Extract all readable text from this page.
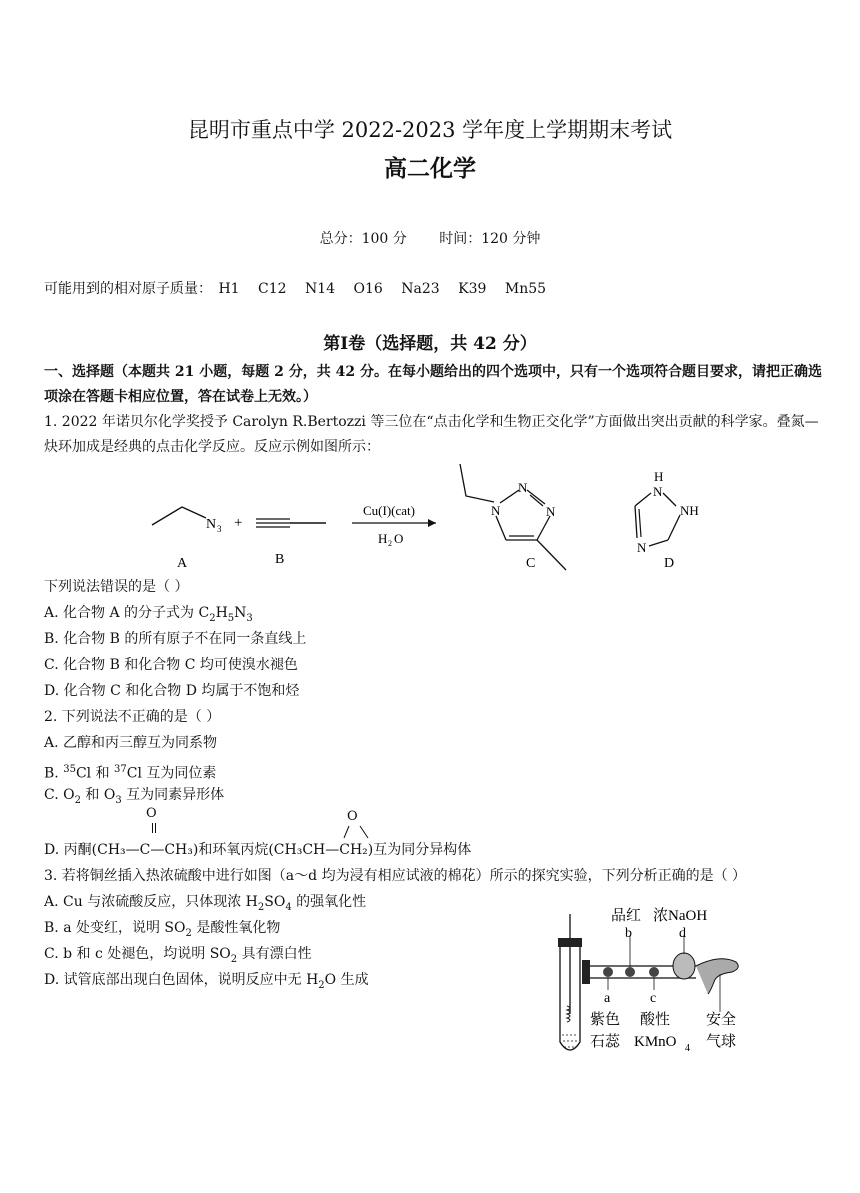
昆明市重点中学 2022-2023 学年度上学期期末考试
高二化学
总分：100 分 时间：120 分钟
可能用到的相对原子质量： H1 C12 N14 O16 Na23 K39 Mn55
第Ⅰ卷（选择题，共 42 分）
一、选择题（本题共 21 小题，每题 2 分，共 42 分。在每小题给出的四个选项中，只有一个选项符合题目要求，请把正确选项涂在答题卡相应位置，答在试卷上无效。）
1. 2022 年诺贝尔化学奖授予 Carolyn R.Bertozzi 等三位在“点击化学和生物正交化学”方面做出突出贡献的科学家。叠氮—炔环加成是经典的点击化学反应。反应示例如图所示：
N 3 +
A	B
Cu(I)(cat)
H 2 O
N
N
N
C
H
N
NH
N
D
下列说法错误的是（ ）
A. 化合物 A 的分子式为 $C_2H_5N_3$
B. 化合物 B 的所有原子不在同一条直线上
C. 化合物 B 和化合物 C 均可使溴水褪色
D. 化合物 C 和化合物 D 均属于不饱和烃
2. 下列说法不正确的是（ ）
A. 乙醇和丙三醇互为同系物
B. $^{35}$Cl 和 $^{37}$Cl 互为同位素
C. $O_2$ 和 $O_3$ 互为同素异形体
O	O
D. 丙酮(CH₃—C—CH₃)和环氧丙烷(CH₃CH—CH₂)互为同分异构体
3. 若将铜丝插入热浓硫酸中进行如图（a～d 均为浸有相应试液的棉花）所示的探究实验，下列分析正确的是（ ）
A. Cu 与浓硫酸反应，只体现浓 $H_2SO_4$ 的强氧化性
B. a 处变红，说明 $SO_2$ 是酸性氧化物
C. b 和 c 处褪色，均说明 $SO_2$ 具有漂白性
D. 试管底部出现白色固体，说明反应中无 $H_2O$ 生成
品红 浓NaOH
b	d
a	c
紫色
石蕊
酸性
KMnO 4
安全
气球
